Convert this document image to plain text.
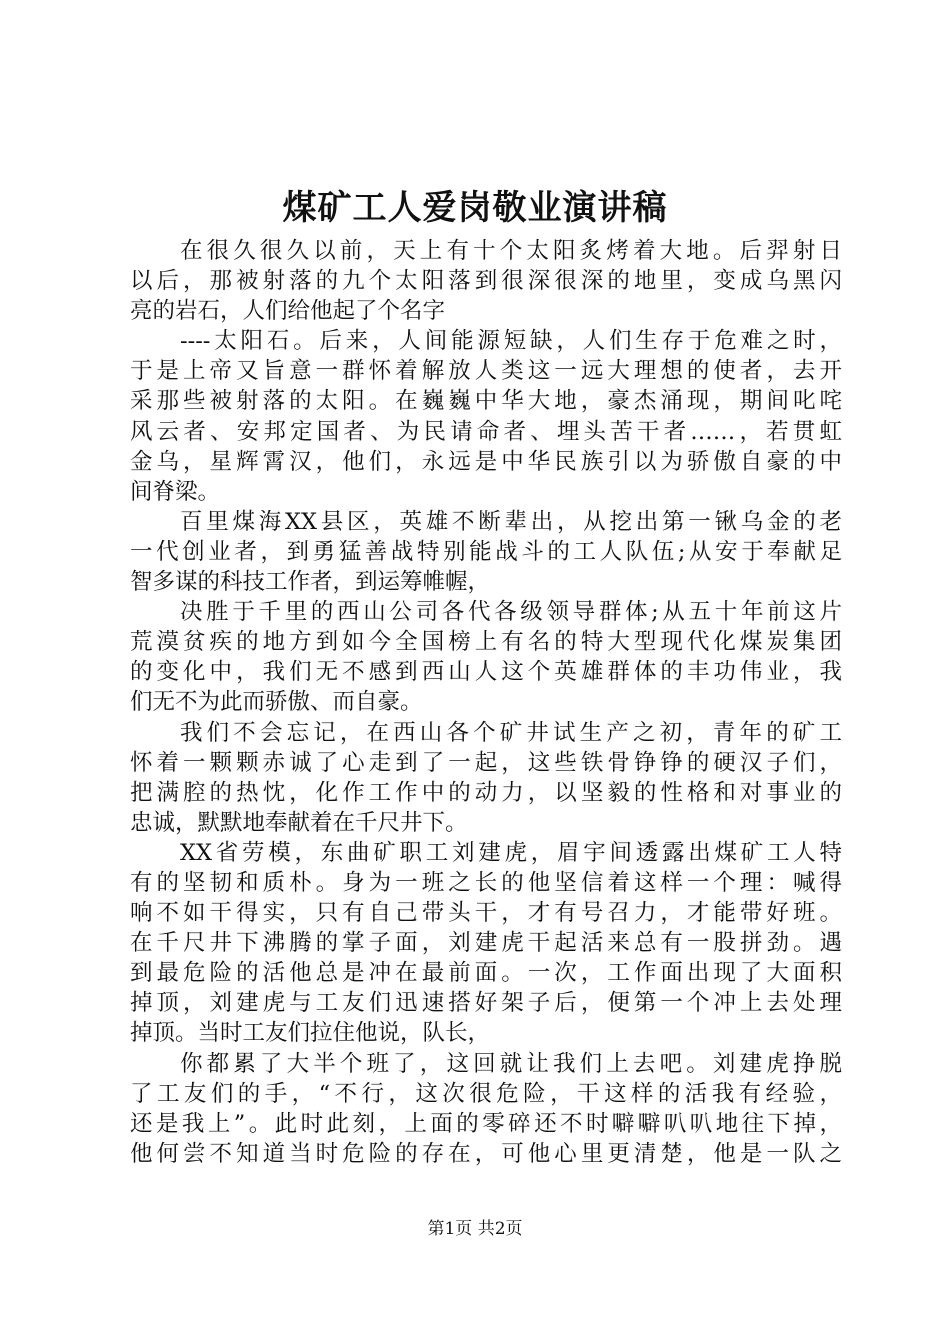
煤矿工人爱岗敬业演讲稿
在很久很久以前，天上有十个太阳炙烤着大地。后羿射日
以后，那被射落的九个太阳落到很深很深的地里，变成乌黑闪
亮的岩石，人们给他起了个名字
----太阳石。后来，人间能源短缺，人们生存于危难之时，
于是上帝又旨意一群怀着解放人类这一远大理想的使者，去开
采那些被射落的太阳。在巍巍中华大地，豪杰涌现，期间叱咤
风云者、安邦定国者、为民请命者、埋头苦干者……，若贯虹
金乌，星辉霄汉，他们，永远是中华民族引以为骄傲自豪的中
间脊梁。
百里煤海XX县区，英雄不断辈出，从挖出第一锹乌金的老
一代创业者，到勇猛善战特别能战斗的工人队伍;从安于奉献足
智多谋的科技工作者，到运筹帷幄，
决胜于千里的西山公司各代各级领导群体;从五十年前这片
荒漠贫疾的地方到如今全国榜上有名的特大型现代化煤炭集团
的变化中，我们无不感到西山人这个英雄群体的丰功伟业，我
们无不为此而骄傲、而自豪。
我们不会忘记，在西山各个矿井试生产之初，青年的矿工
怀着一颗颗赤诚了心走到了一起，这些铁骨铮铮的硬汉子们，
把满腔的热忱，化作工作中的动力，以坚毅的性格和对事业的
忠诚，默默地奉献着在千尺井下。
XX省劳模，东曲矿职工刘建虎，眉宇间透露出煤矿工人特
有的坚韧和质朴。身为一班之长的他坚信着这样一个理：喊得
响不如干得实，只有自己带头干，才有号召力，才能带好班。
在千尺井下沸腾的掌子面，刘建虎干起活来总有一股拼劲。遇
到最危险的活他总是冲在最前面。一次，工作面出现了大面积
掉顶，刘建虎与工友们迅速搭好架子后，便第一个冲上去处理
掉顶。当时工友们拉住他说，队长，
你都累了大半个班了，这回就让我们上去吧。刘建虎挣脱
了工友们的手，“不行，这次很危险，干这样的活我有经验，
还是我上”。此时此刻，上面的零碎还不时噼噼叭叭地往下掉，
他何尝不知道当时危险的存在，可他心里更清楚，他是一队之
第1页 共2页
